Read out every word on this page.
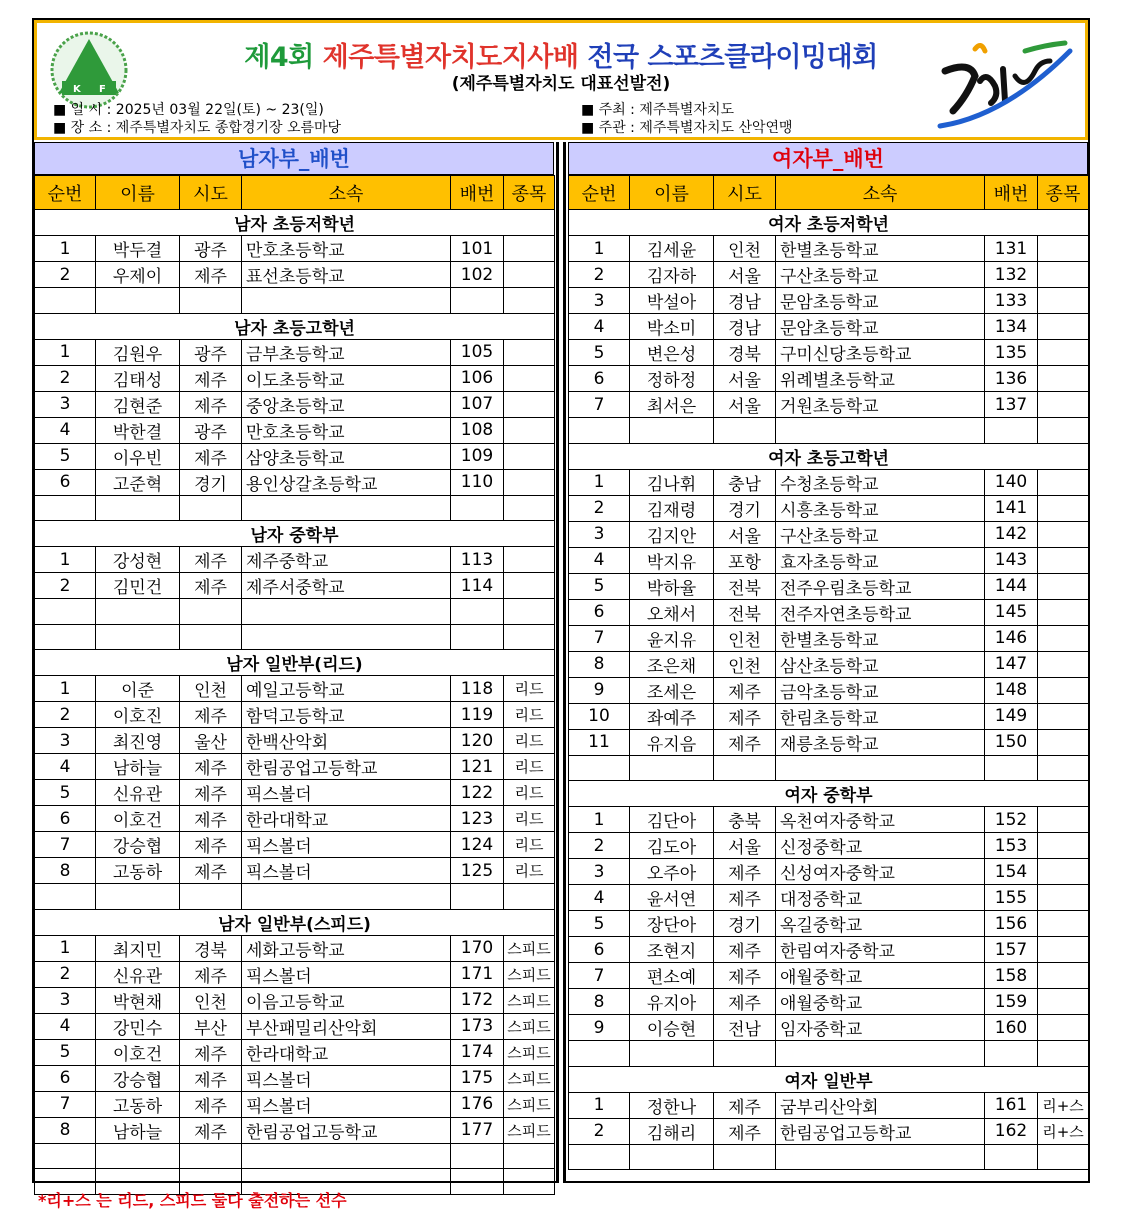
K F
제4회 제주특별자치도지사배 전국 스포츠클라이밍대회
(제주특별자치도 대표선발전)
■ 일 시 : 2025년 03월 22일(토) ~ 23(일)
■ 장 소 : 제주특별자치도 종합경기장 오름마당
■ 주최 : 제주특별자치도
■ 주관 : 제주특별자치도 산악연맹
남자부_배번
순번	이름	시도	소속	배번	종목
남자 초등저학년					
1	박두결	광주	만호초등학교	101	
2	우제이	제주	표선초등학교	102	

남자 초등고학년					
1	김원우	광주	금부초등학교	105	
2	김태성	제주	이도초등학교	106	
3	김현준	제주	중앙초등학교	107	
4	박한결	광주	만호초등학교	108	
5	이우빈	제주	삼양초등학교	109	
6	고준혁	경기	용인상갈초등학교	110	

남자 중학부					
1	강성현	제주	제주중학교	113	
2	김민건	제주	제주서중학교	114	

남자 일반부(리드)					
1	이준	인천	예일고등학교	118	리드
2	이호진	제주	함덕고등학교	119	리드
3	최진영	울산	한백산악회	120	리드
4	남하늘	제주	한림공업고등학교	121	리드
5	신유관	제주	픽스볼더	122	리드
6	이호건	제주	한라대학교	123	리드
7	강승협	제주	픽스볼더	124	리드
8	고동하	제주	픽스볼더	125	리드

남자 일반부(스피드)					
1	최지민	경북	세화고등학교	170	스피드
2	신유관	제주	픽스볼더	171	스피드
3	박현채	인천	이음고등학교	172	스피드
4	강민수	부산	부산패밀리산악회	173	스피드
5	이호건	제주	한라대학교	174	스피드
6	강승협	제주	픽스볼더	175	스피드
7	고동하	제주	픽스볼더	176	스피드
8	남하늘	제주	한림공업고등학교	177	스피드

여자부_배번
순번	이름	시도	소속	배번	종목
여자 초등저학년					
1	김세윤	인천	한별초등학교	131	
2	김자하	서울	구산초등학교	132	
3	박설아	경남	문암초등학교	133	
4	박소미	경남	문암초등학교	134	
5	변은성	경북	구미신당초등학교	135	
6	정하정	서울	위례별초등학교	136	
7	최서은	서울	거원초등학교	137	

여자 초등고학년					
1	김나휘	충남	수청초등학교	140	
2	김재령	경기	시흥초등학교	141	
3	김지안	서울	구산초등학교	142	
4	박지유	포항	효자초등학교	143	
5	박하율	전북	전주우림초등학교	144	
6	오채서	전북	전주자연초등학교	145	
7	윤지유	인천	한별초등학교	146	
8	조은채	인천	삼산초등학교	147	
9	조세은	제주	금악초등학교	148	
10	좌예주	제주	한림초등학교	149	
11	유지음	제주	재릉초등학교	150	

여자 중학부					
1	김단아	충북	옥천여자중학교	152	
2	김도아	서울	신정중학교	153	
3	오주아	제주	신성여자중학교	154	
4	윤서연	제주	대정중학교	155	
5	장단아	경기	옥길중학교	156	
6	조현지	제주	한림여자중학교	157	
7	편소예	제주	애월중학교	158	
8	유지아	제주	애월중학교	159	
9	이승현	전남	임자중학교	160	

여자 일반부					
1	정한나	제주	굼부리산악회	161	리+스
2	김해리	제주	한림공업고등학교	162	리+스

*리+스 는 리드, 스피드 둘다 출전하는 선수
